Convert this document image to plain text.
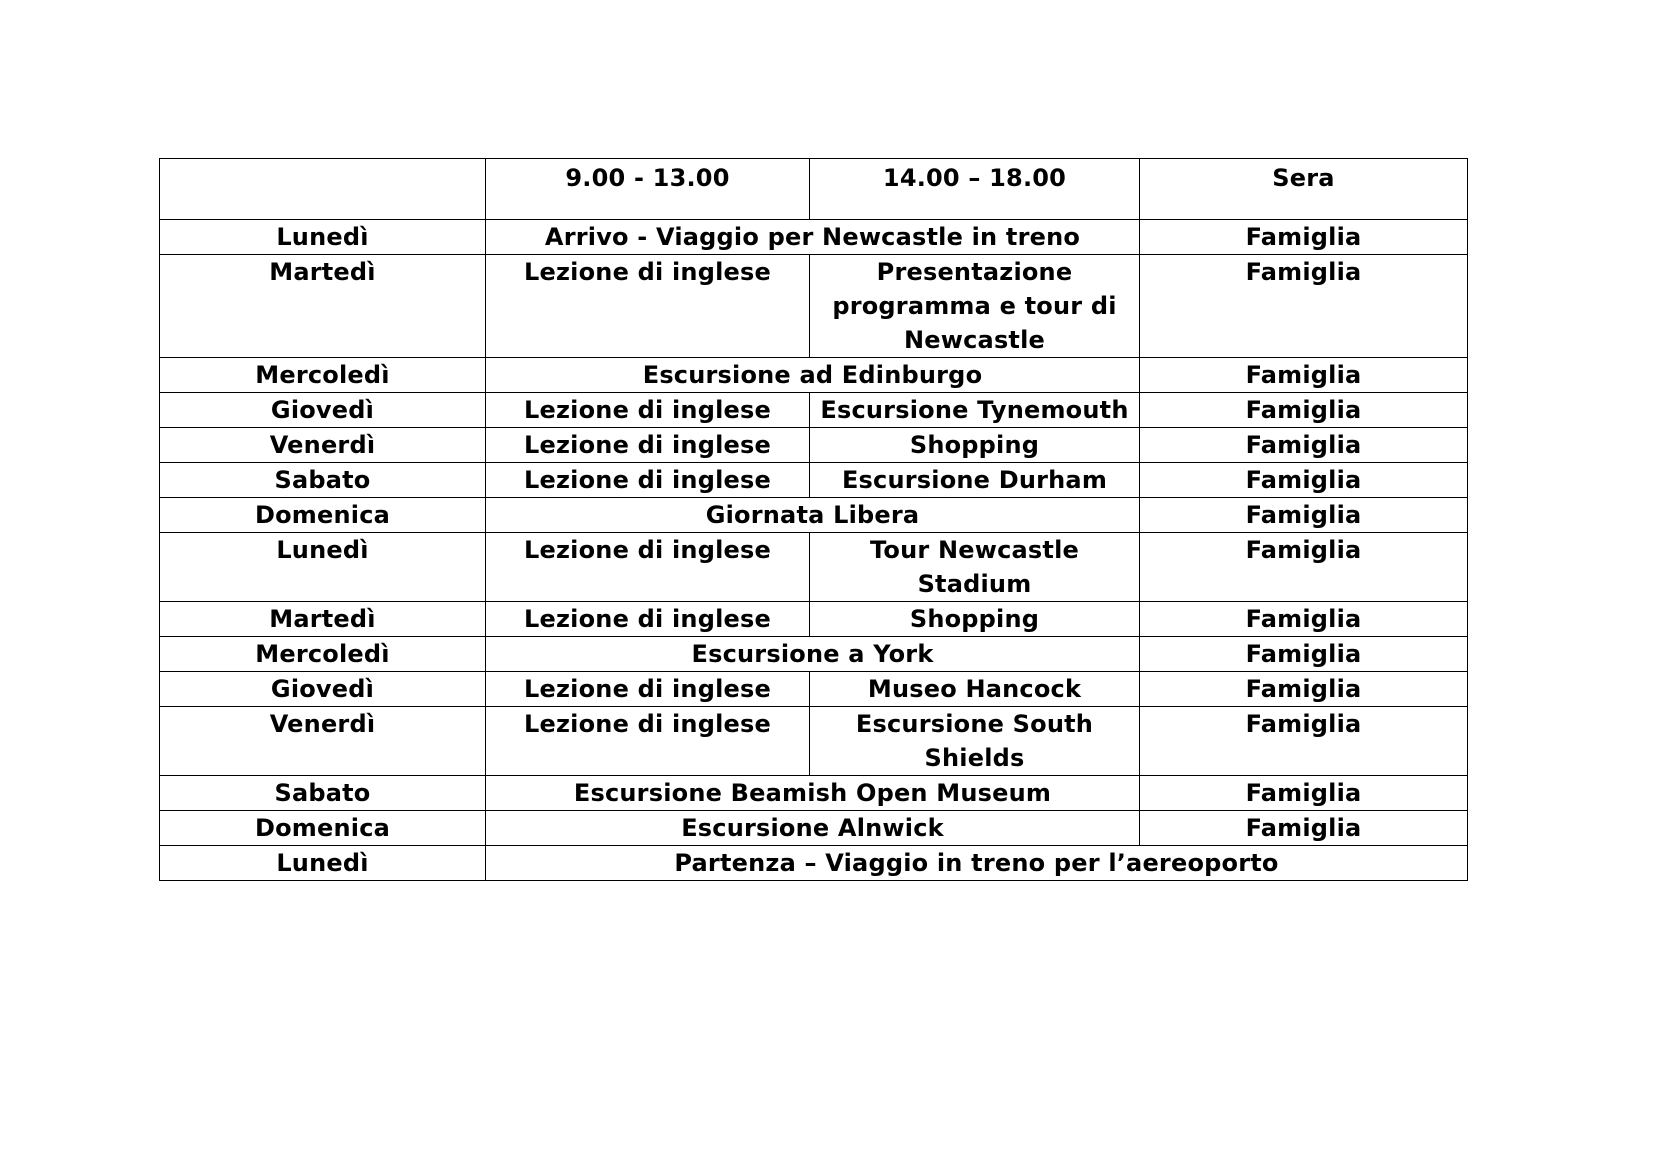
	9.00 - 13.00	14.00 – 18.00	Sera
Lunedì	Arrivo - Viaggio per Newcastle in treno		Famiglia
Martedì	Lezione di inglese	Presentazione programma e tour di Newcastle	Famiglia
Mercoledì	Escursione ad Edinburgo		Famiglia
Giovedì	Lezione di inglese	Escursione Tynemouth	Famiglia
Venerdì	Lezione di inglese	Shopping	Famiglia
Sabato	Lezione di inglese	Escursione Durham	Famiglia
Domenica	Giornata Libera		Famiglia
Lunedì	Lezione di inglese	Tour Newcastle Stadium	Famiglia
Martedì	Lezione di inglese	Shopping	Famiglia
Mercoledì	Escursione a York		Famiglia
Giovedì	Lezione di inglese	Museo Hancock	Famiglia
Venerdì	Lezione di inglese	Escursione South Shields	Famiglia
Sabato	Escursione Beamish Open Museum		Famiglia
Domenica	Escursione Alnwick		Famiglia
Lunedì	Partenza – Viaggio in treno per l’aereoporto		
